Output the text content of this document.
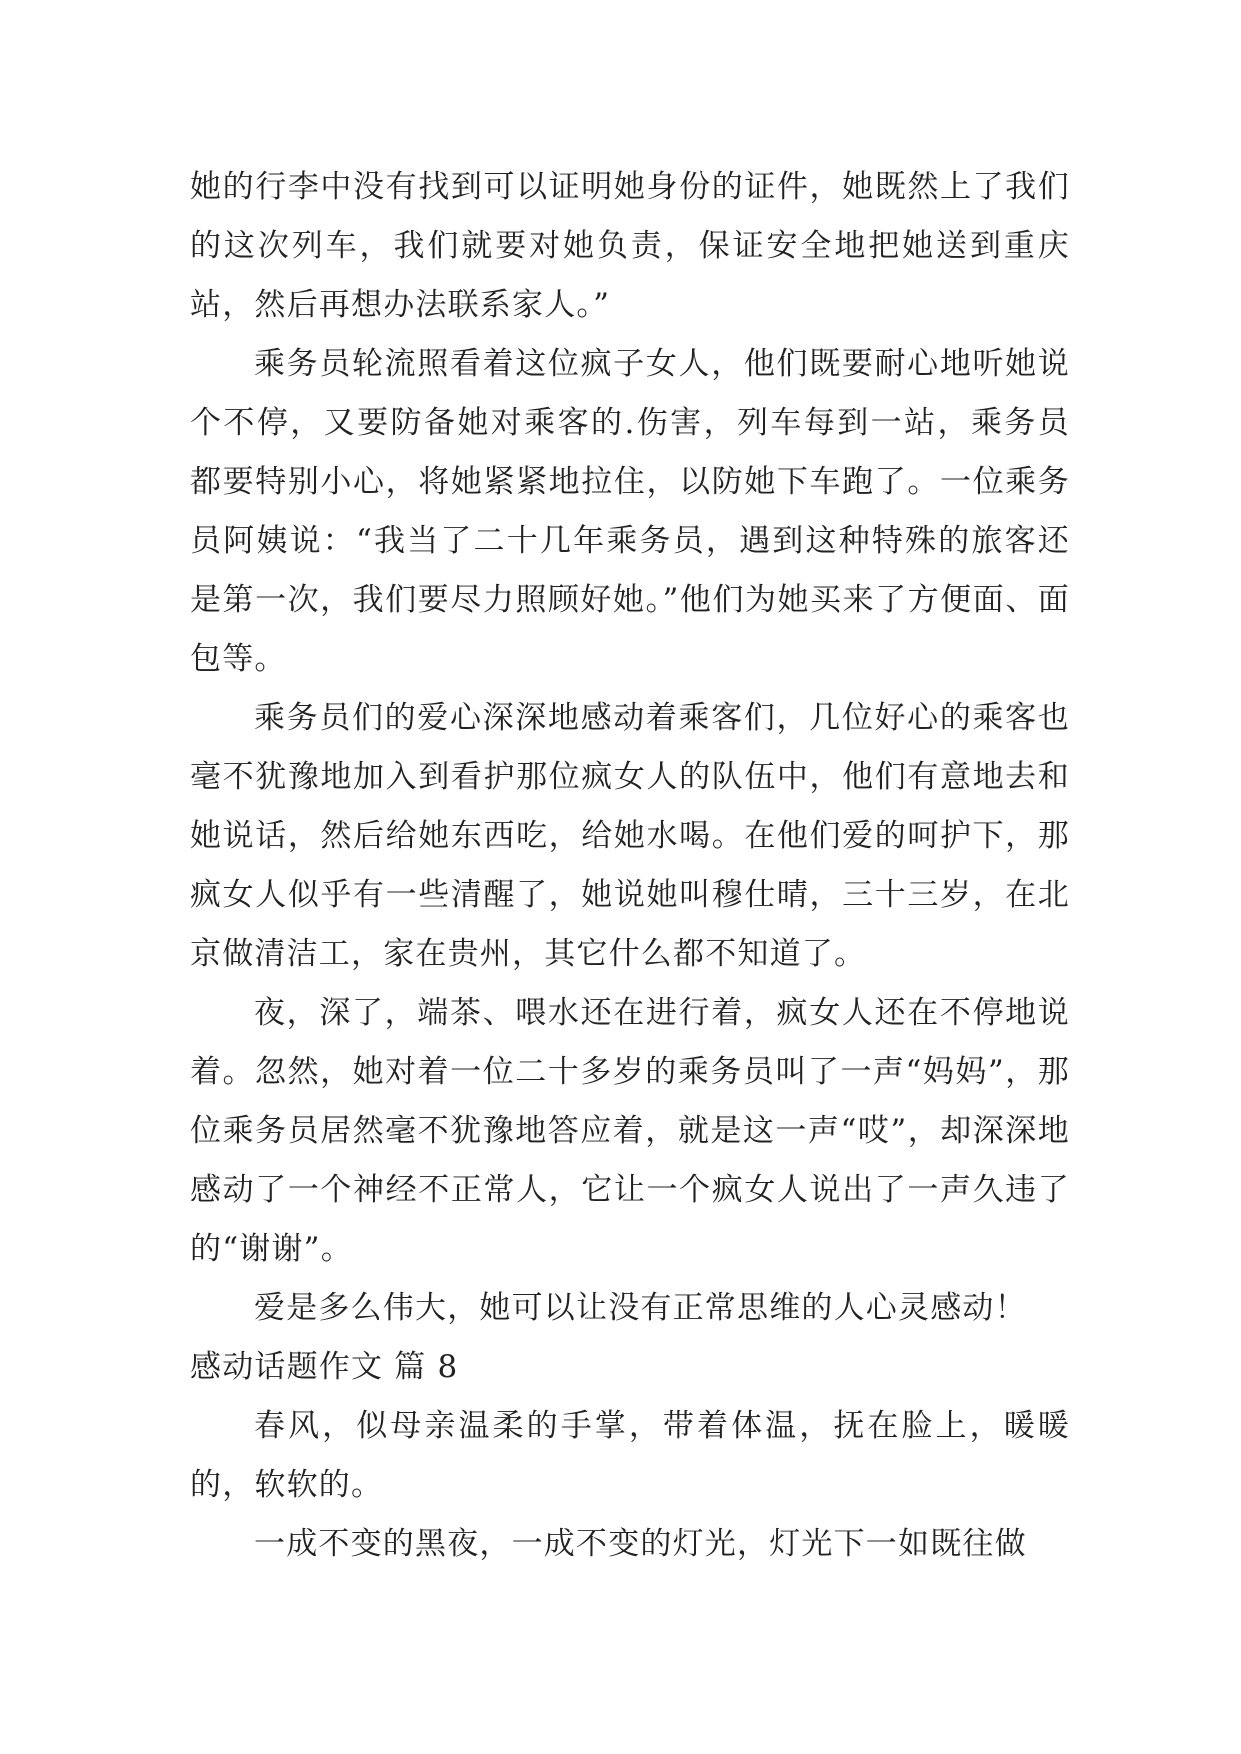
她的行李中没有找到可以证明她身份的证件，她既然上了我们的这次列车，我们就要对她负责，保证安全地把她送到重庆站，然后再想办法联系家人。”

乘务员轮流照看着这位疯子女人，他们既要耐心地听她说个不停，又要防备她对乘客的.伤害，列车每到一站，乘务员都要特别小心，将她紧紧地拉住，以防她下车跑了。一位乘务员阿姨说：“我当了二十几年乘务员，遇到这种特殊的旅客还是第一次，我们要尽力照顾好她。”他们为她买来了方便面、面包等。

乘务员们的爱心深深地感动着乘客们，几位好心的乘客也毫不犹豫地加入到看护那位疯女人的队伍中，他们有意地去和她说话，然后给她东西吃，给她水喝。在他们爱的呵护下，那疯女人似乎有一些清醒了，她说她叫穆仕晴，三十三岁，在北京做清洁工，家在贵州，其它什么都不知道了。

夜，深了，端茶、喂水还在进行着，疯女人还在不停地说着。忽然，她对着一位二十多岁的乘务员叫了一声“妈妈”，那位乘务员居然毫不犹豫地答应着，就是这一声“哎”，却深深地感动了一个神经不正常人，它让一个疯女人说出了一声久违了的“谢谢”。

爱是多么伟大，她可以让没有正常思维的人心灵感动！

感动话题作文 篇 8

春风，似母亲温柔的手掌，带着体温，抚在脸上，暖暖的，软软的。

一成不变的黑夜，一成不变的灯光，灯光下一如既往做
